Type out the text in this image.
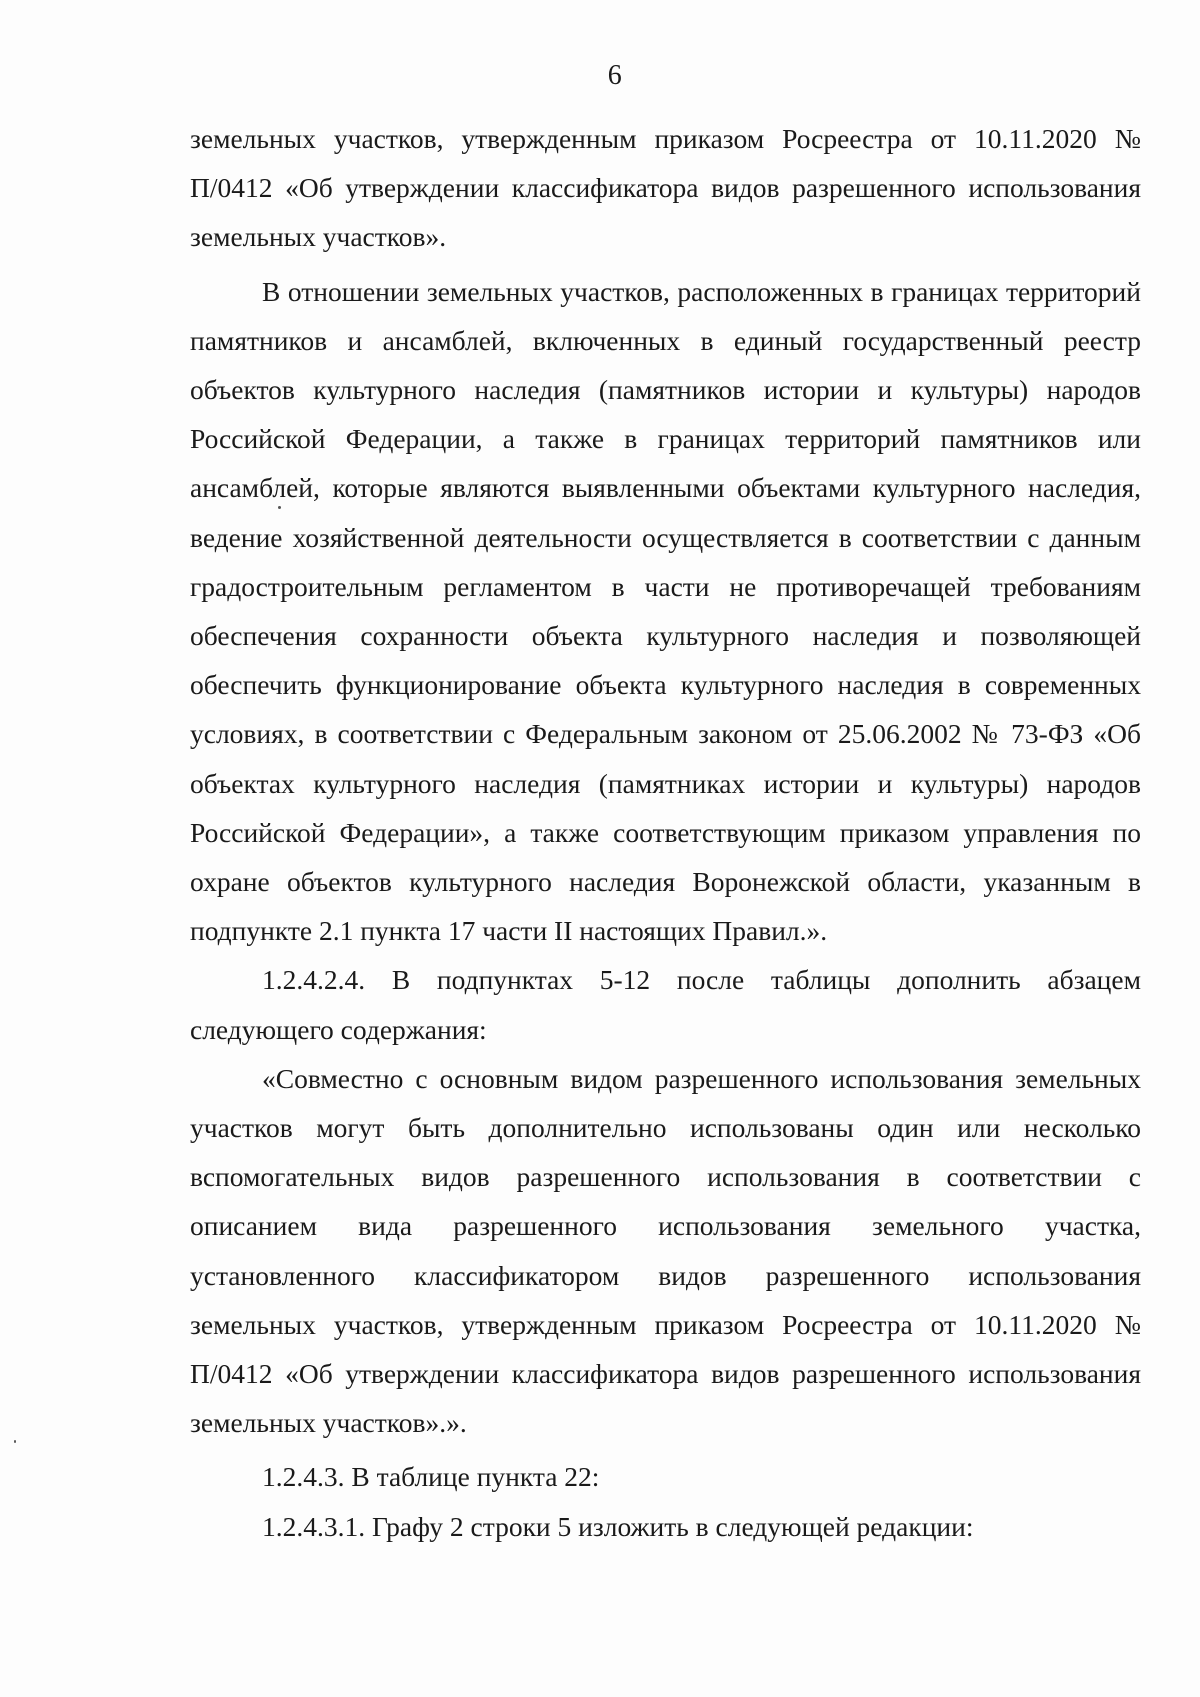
6

земельных участков, утвержденным приказом Росреестра от 10.11.2020 № П/0412 «Об утверждении классификатора видов разрешенного использования земельных участков».

В отношении земельных участков, расположенных в границах территорий памятников и ансамблей, включенных в единый государственный реестр объектов культурного наследия (памятников истории и культуры) народов Российской Федерации, а также в границах территорий памятников или ансамблей, которые являются выявленными объектами культурного наследия, ведение хозяйственной деятельности осуществляется в соответствии с данным градостроительным регламентом в части не противоречащей требованиям обеспечения сохранности объекта культурного наследия и позволяющей обеспечить функционирование объекта культурного наследия в современных условиях, в соответствии с Федеральным законом от 25.06.2002 № 73-ФЗ «Об объектах культурного наследия (памятниках истории и культуры) народов Российской Федерации», а также соответствующим приказом управления по охране объектов культурного наследия Воронежской области, указанным в подпункте 2.1 пункта 17 части II настоящих Правил.».

1.2.4.2.4. В подпунктах 5-12 после таблицы дополнить абзацем следующего содержания:

«Совместно с основным видом разрешенного использования земельных участков могут быть дополнительно использованы один или несколько вспомогательных видов разрешенного использования в соответствии с описанием вида разрешенного использования земельного участка, установленного классификатором видов разрешенного использования земельных участков, утвержденным приказом Росреестра от 10.11.2020 № П/0412 «Об утверждении классификатора видов разрешенного использования земельных участков».».

1.2.4.3. В таблице пункта 22:

1.2.4.3.1. Графу 2 строки 5 изложить в следующей редакции:
